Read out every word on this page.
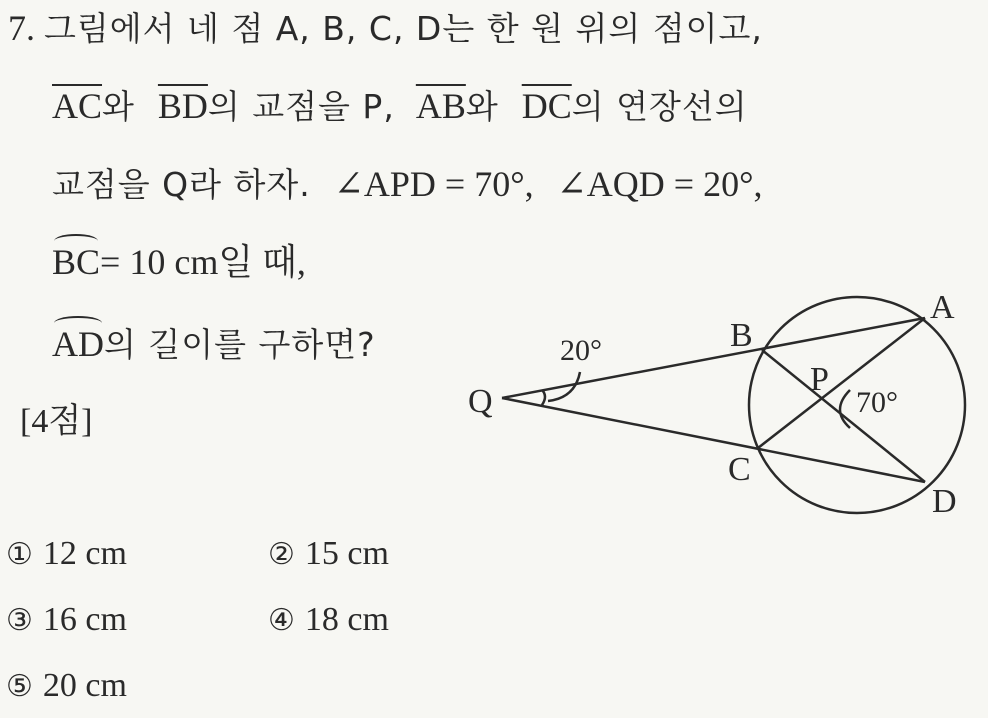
7. 그림에서 네 점 A, B, C, D는 한 원 위의 점이고,
$\overline{AC}$와 $\overline{BD}$의 교점을 P, $\overline{AB}$와 $\overline{DC}$의 연장선의
교점을 Q라 하자. ∠APD = 70°, ∠AQD = 20°,
BC= 10 cm일 때,
AD의 길이를 구하면?
[4점]
A
B
C
D
P
Q
20°
70°
① 12 cm	② 15 cm
③ 16 cm	④ 18 cm
⑤ 20 cm
